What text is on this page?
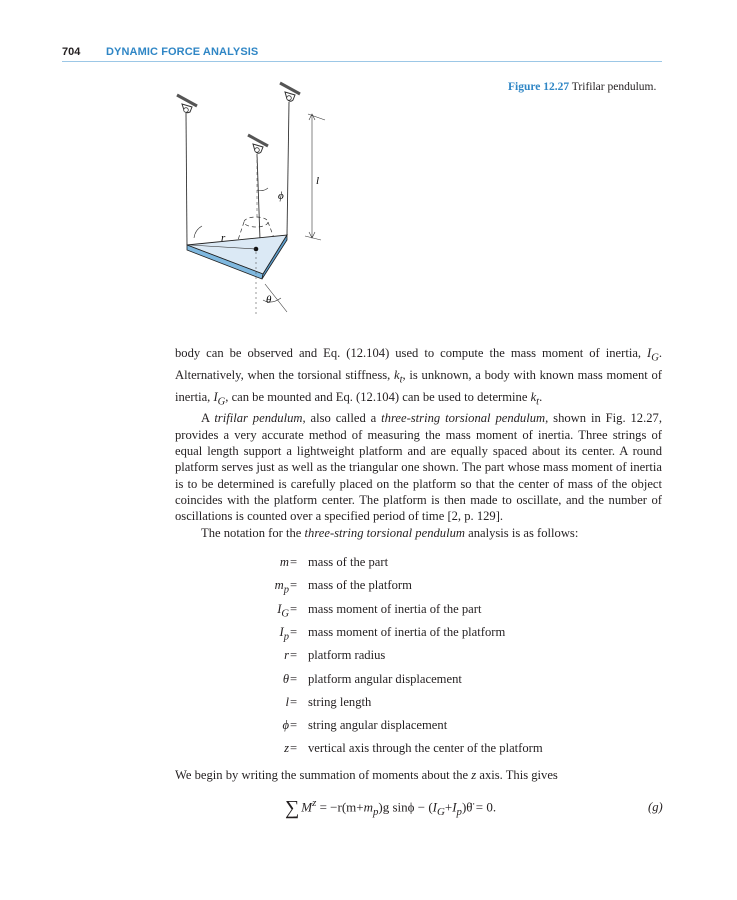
704 DYNAMIC FORCE ANALYSIS
ϕ
l
r
θ
Figure 12.27 Trifilar pendulum.

body can be observed and Eq. (12.104) used to compute the mass moment of inertia, $I_G$. Alternatively, when the torsional stiffness, $k_t$, is unknown, a body with known mass moment of inertia, $I_G$, can be mounted and Eq. (12.104) can be used to determine $k_t$.

A trifilar pendulum, also called a three-string torsional pendulum, shown in Fig. 12.27, provides a very accurate method of measuring the mass moment of inertia. Three strings of equal length support a lightweight platform and are equally spaced about its center. A round platform serves just as well as the triangular one shown. The part whose mass moment of inertia is to be determined is carefully placed on the platform so that the center of mass of the object coincides with the platform center. The platform is then made to oscillate, and the number of oscillations is counted over a specified period of time [2, p. 129].

The notation for the three-string torsional pendulum analysis is as follows:

m = mass of the part
$m_p$ = mass of the platform
$I_G$ = mass moment of inertia of the part
$I_p$ = mass moment of inertia of the platform
r = platform radius
θ = platform angular displacement
l = string length
ϕ = string angular displacement
z = vertical axis through the center of the platform
We begin by writing the summation of moments about the z axis. This gives
∑ $M^z = -r(m+m_p)g$ $\sin\phi - (I_G+I_p)\thetä = 0$.	(g)
